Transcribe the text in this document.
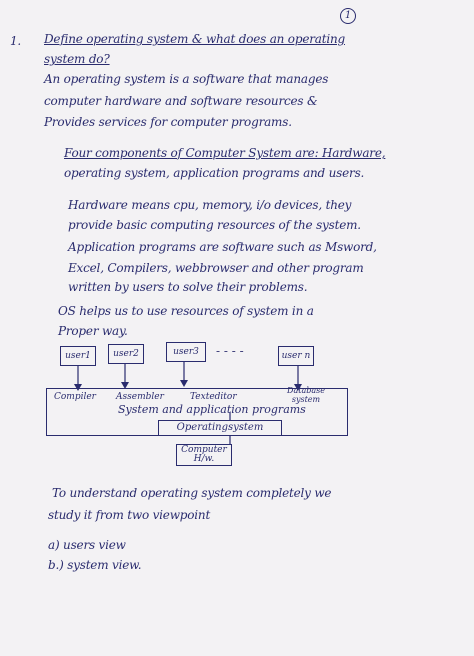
1
1. Define operating system & what does an operating
system do?
An operating system is a software that manages
computer hardware and software resources &
Provides services for computer programs.
Four components of Computer System are: Hardware,
operating system, application programs and users.
Hardware means cpu, memory, i/o devices, they
provide basic computing resources of the system.
Application programs are software such as Msword,
Excel, Compilers, webbrowser and other program
written by users to solve their problems.
OS helps us to use resources of system in a
Proper way.
user1	user2	user3	- - - -	user n
Compiler Assembler	Texteditor
Database system
System and application programs
Operatingsystem
Computer H/w.
To understand operating system completely we
study it from two viewpoint
a) users view
b.) system view.
